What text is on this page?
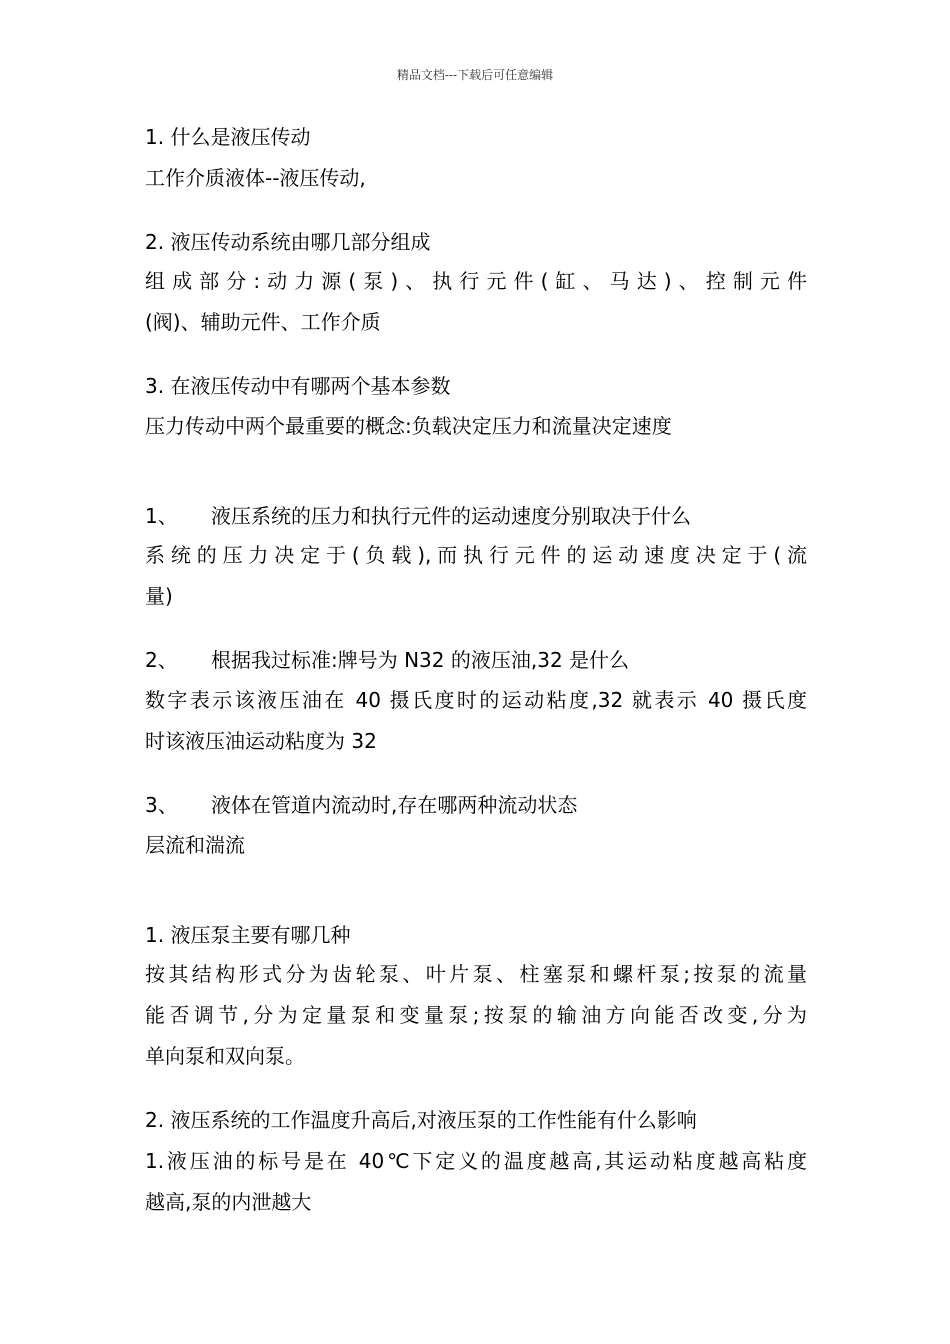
精品文档---下载后可任意编辑
1. 什么是液压传动
工作介质液体--液压传动,
2. 液压传动系统由哪几部分组成
组成部分:动力源(泵)、执行元件(缸、马达)、控制元件
(阀)、辅助元件、工作介质
3. 在液压传动中有哪两个基本参数
压力传动中两个最重要的概念:负载决定压力和流量决定速度
1、 液压系统的压力和执行元件的运动速度分别取决于什么
系统的压力决定于(负载),而执行元件的运动速度决定于(流
量)
2、 根据我过标准:牌号为 N32 的液压油,32 是什么
数字表示该液压油在 40 摄氏度时的运动粘度,32 就表示 40 摄氏度
时该液压油运动粘度为 32
3、 液体在管道内流动时,存在哪两种流动状态
层流和湍流
1. 液压泵主要有哪几种
按其结构形式分为齿轮泵、叶片泵、柱塞泵和螺杆泵;按泵的流量
能否调节,分为定量泵和变量泵;按泵的输油方向能否改变,分为
单向泵和双向泵。
2. 液压系统的工作温度升高后,对液压泵的工作性能有什么影响
1.液压油的标号是在 40℃下定义的温度越高,其运动粘度越高粘度
越高,泵的内泄越大
